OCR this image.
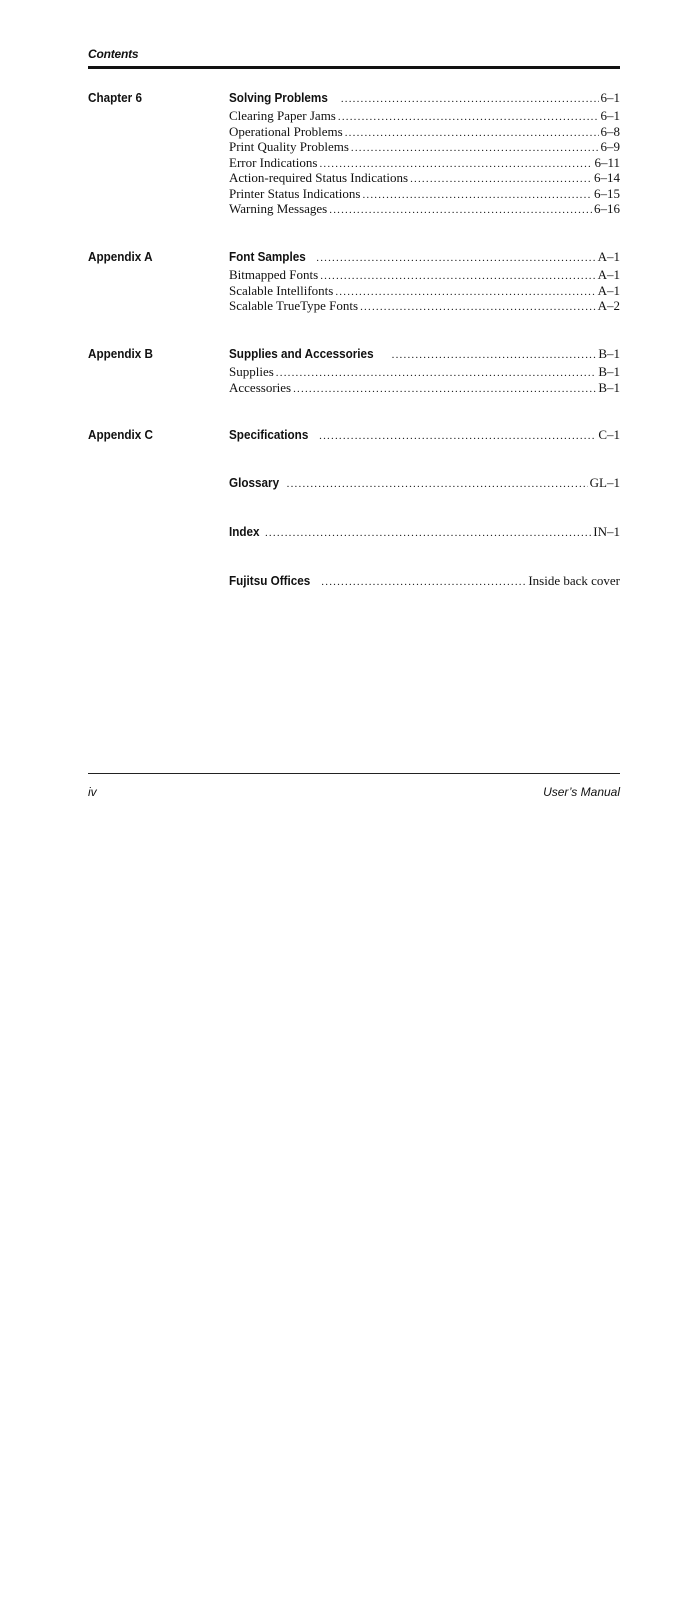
Contents
Chapter 6	Solving Problems .....	6–1
Clearing Paper Jams .....	6–1
Operational Problems .....	6–8
Print Quality Problems .....	6–9
Error Indications .....	6–11
Action-required Status Indications .....	6–14
Printer Status Indications .....	6–15
Warning Messages .....	6–16
Appendix A	Font Samples .....	A–1
Bitmapped Fonts .....	A–1
Scalable Intellifonts .....	A–1
Scalable TrueType Fonts .....	A–2
Appendix B	Supplies and Accessories .....	B–1
Supplies .....	B–1
Accessories .....	B–1
Appendix C	Specifications .....	C–1
Glossary .....	GL–1
Index .....	IN–1
Fujitsu Offices .....	Inside back cover
iv	User’s Manual
